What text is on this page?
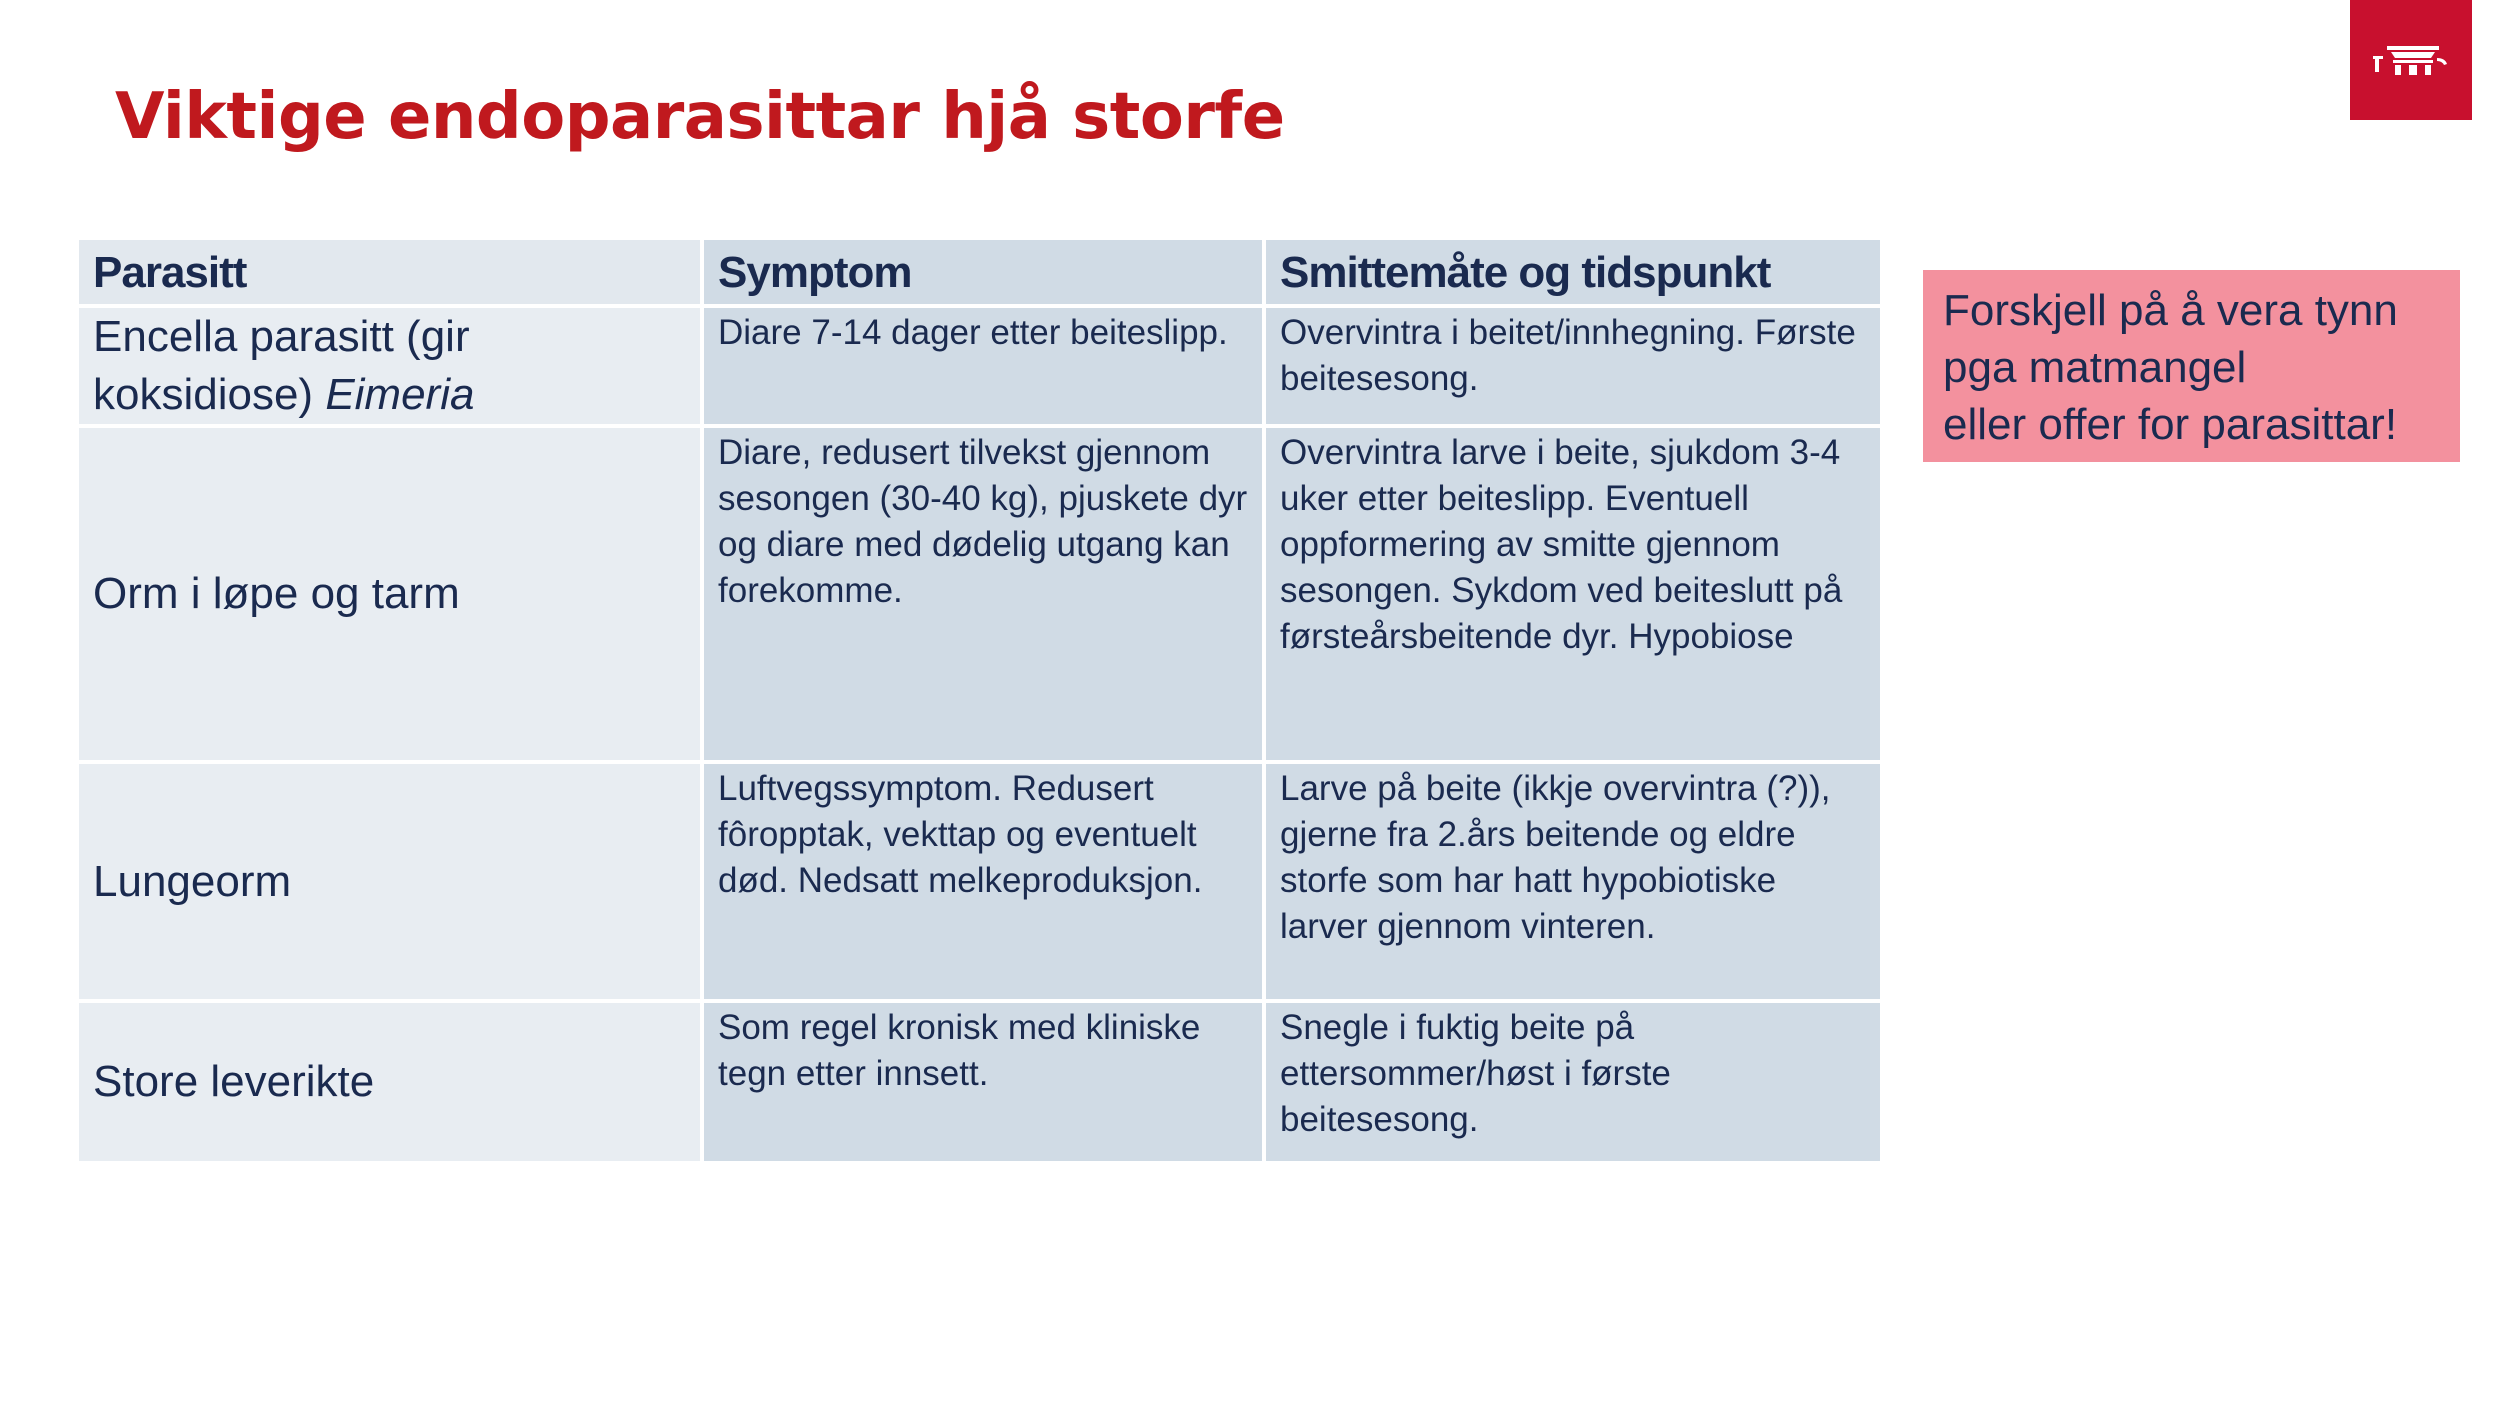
Viktige endoparasittar hjå storfe
Parasitt	Symptom	Smittemåte og tidspunkt
Encella parasitt (gir koksidiose) Eimeria	Diare 7-14 dager etter beiteslipp.	Overvintra i beitet/innhegning. Første beitesesong.
Orm i løpe og tarm	Diare, redusert tilvekst gjennom sesongen (30-40 kg), pjuskete dyr og diare med dødelig utgang kan forekomme.	Overvintra larve i beite, sjukdom 3-4 uker etter beiteslipp. Eventuell oppformering av smitte gjennom sesongen. Sykdom ved beiteslutt på førsteårsbeitende dyr. Hypobiose
Lungeorm	Luftvegssymptom. Redusert fôropptak, vekttap og eventuelt død. Nedsatt melkeproduksjon.	Larve på beite (ikkje overvintra (?)), gjerne fra 2.års beitende og eldre storfe som har hatt hypobiotiske larver gjennom vinteren.
Store leverikte	Som regel kronisk med kliniske tegn etter innsett.	Snegle i fuktig beite på ettersommer/høst i første beitesesong.
Forskjell på å vera tynn
pga matmangel
eller offer for parasittar!
